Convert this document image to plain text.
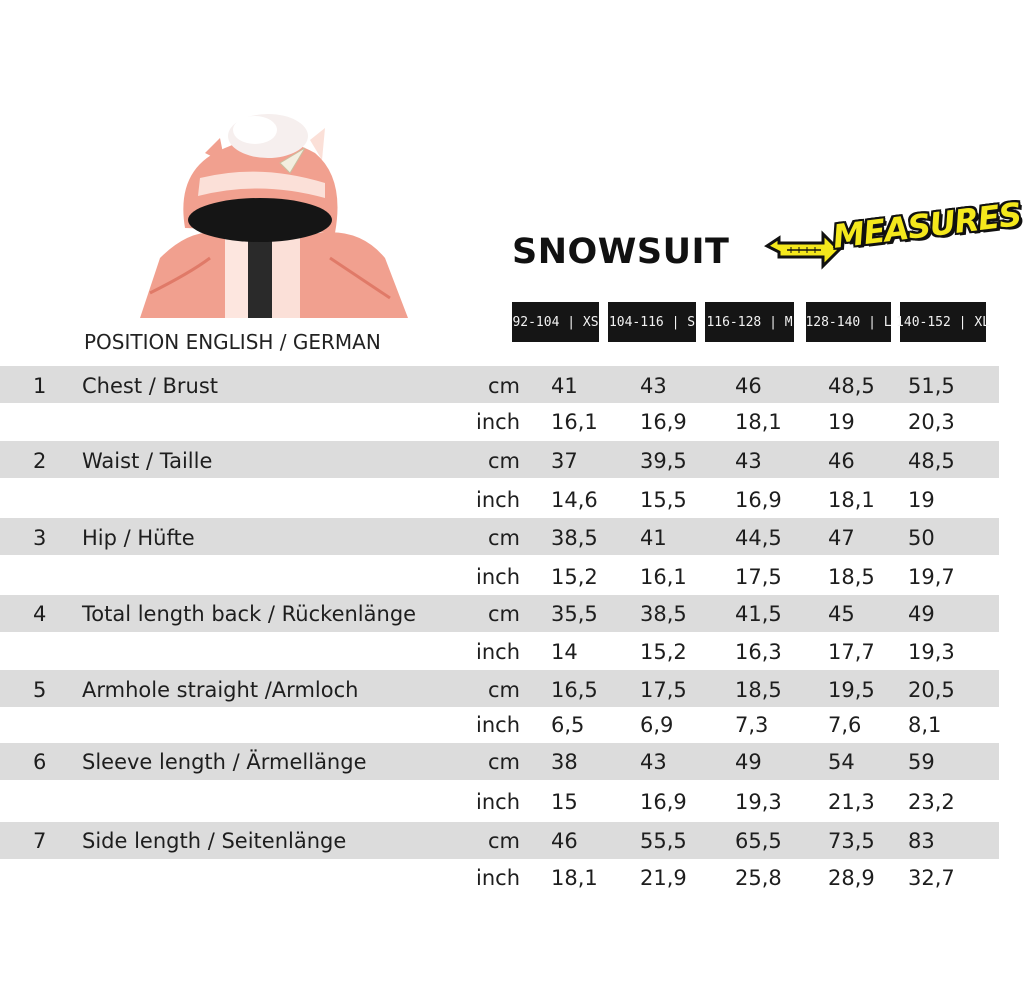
SNOWSUIT	MEASURES
POSITION ENGLISH / GERMAN
92-104 | XS 104-116 | S 116-128 | M 128-140 | L 140-152 | XL
1 Chest / Brust	cm 41	43	46	48,5 51,5
inch 16,1 16,9 18,1 19	20,3
2 Waist / Taille	cm 37	39,5 43	46	48,5
inch 14,6 15,5 16,9 18,1 19
3 Hip / Hüfte	cm 38,5 41	44,5 47	50
inch 15,2 16,1 17,5 18,5 19,7
4 Total length back / Rückenlänge	cm 35,5 38,5 41,5 45	49
inch 14	15,2 16,3 17,7 19,3
5 Armhole straight /Armloch	cm 16,5 17,5 18,5 19,5 20,5
inch 6,5	6,9	7,3	7,6 8,1
6 Sleeve length / Ärmellänge	cm 38	43	49	54	59
inch 15	16,9 19,3 21,3 23,2
7 Side length / Seitenlänge	cm 46	55,5 65,5 73,5 83
inch 18,1 21,9 25,8 28,9 32,7
